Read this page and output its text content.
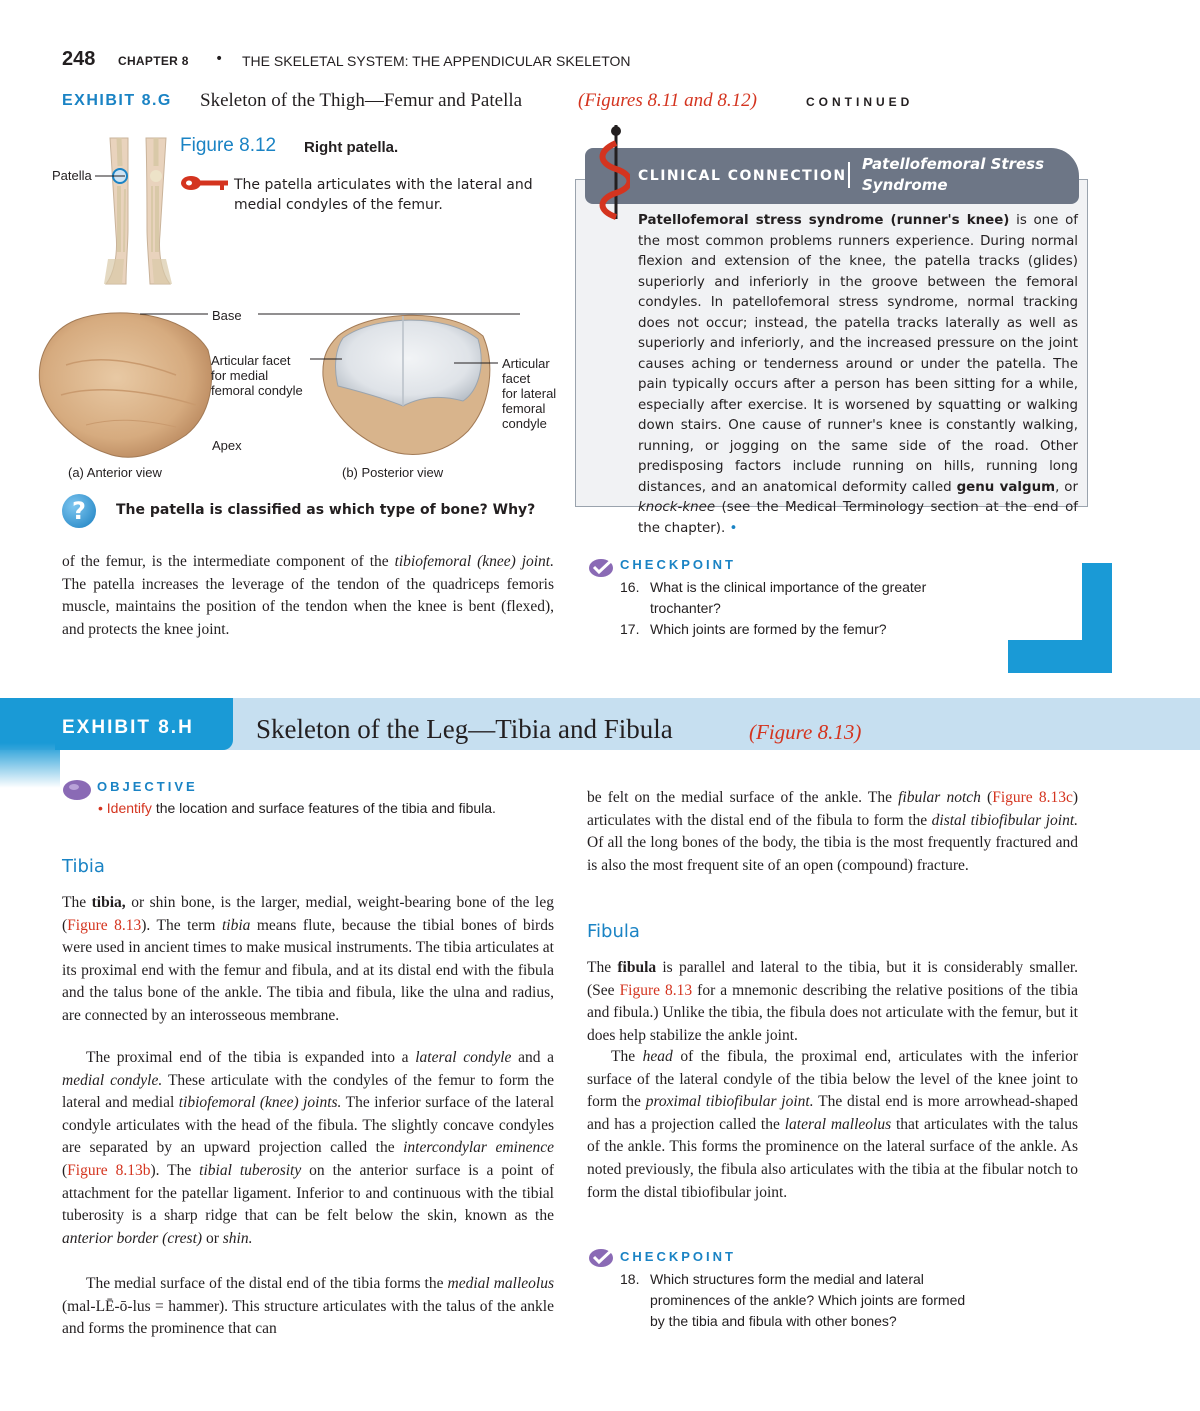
248 CHAPTER 8 • THE SKELETAL SYSTEM: THE APPENDICULAR SKELETON
EXHIBIT 8.G Skeleton of the Thigh—Femur and Patella	(Figures 8.11 and 8.12)	CONTINUED
Figure 8.12 Right patella.
The patella articulates with the lateral and medial condyles of the femur.
Patella
Base
Articular facet
for medial
femoral condyle
Articular
facet
for lateral
femoral
condyle
Apex
(a) Anterior view	(b) Posterior view
?	The patella is classified as which type of bone? Why?
CLINICAL CONNECTION
Patellofemoral Stress
Syndrome
Patellofemoral stress syndrome (runner's knee) is one of the most common problems runners experience. During normal flexion and extension of the knee, the patella tracks (glides) superiorly and inferiorly in the groove between the femoral condyles. In patellofemoral stress syndrome, normal tracking does not occur; instead, the patella tracks laterally as well as superiorly and inferiorly, and the increased pressure on the joint causes aching or tenderness around or under the patella. The pain typically occurs after a person has been sitting for a while, especially after exercise. It is worsened by squatting or walking down stairs. One cause of runner's knee is constantly walking, running, or jogging on the same side of the road. Other predisposing factors include running on hills, running long distances, and an anatomical deformity called genu valgum, or knock-knee (see the Medical Terminology section at the end of the chapter). •
of the femur, is the intermediate component of the tibiofemoral (knee) joint. The patella increases the leverage of the tendon of the quadriceps femoris muscle, maintains the position of the tendon when the knee is bent (flexed), and protects the knee joint.
CHECKPOINT
16. What is the clinical importance of the greater
trochanter?
17. Which joints are formed by the femur?
EXHIBIT 8.H Skeleton of the Leg—Tibia and Fibula	(Figure 8.13)
OBJECTIVE
• Identify the location and surface features of the tibia and fibula.
Tibia
The tibia, or shin bone, is the larger, medial, weight-bearing bone of the leg (Figure 8.13). The term tibia means flute, because the tibial bones of birds were used in ancient times to make musical instruments. The tibia articulates at its proximal end with the femur and fibula, and at its distal end with the fibula and the talus bone of the ankle. The tibia and fibula, like the ulna and radius, are connected by an interosseous membrane.
The proximal end of the tibia is expanded into a lateral condyle and a medial condyle. These articulate with the condyles of the femur to form the lateral and medial tibiofemoral (knee) joints. The inferior surface of the lateral condyle articulates with the head of the fibula. The slightly concave condyles are separated by an upward projection called the intercondylar eminence (Figure 8.13b). The tibial tuberosity on the anterior surface is a point of attachment for the patellar ligament. Inferior to and continuous with the tibial tuberosity is a sharp ridge that can be felt below the skin, known as the anterior border (crest) or shin.
The medial surface of the distal end of the tibia forms the medial malleolus (mal-LĒ-ō-lus = hammer). This structure articulates with the talus of the ankle and forms the prominence that can
be felt on the medial surface of the ankle. The fibular notch (Figure 8.13c) articulates with the distal end of the fibula to form the distal tibiofibular joint. Of all the long bones of the body, the tibia is the most frequently fractured and is also the most frequent site of an open (compound) fracture.
Fibula
The fibula is parallel and lateral to the tibia, but it is considerably smaller. (See Figure 8.13 for a mnemonic describing the relative positions of the tibia and fibula.) Unlike the tibia, the fibula does not articulate with the femur, but it does help stabilize the ankle joint.
The head of the fibula, the proximal end, articulates with the inferior surface of the lateral condyle of the tibia below the level of the knee joint to form the proximal tibiofibular joint. The distal end is more arrowhead-shaped and has a projection called the lateral malleolus that articulates with the talus of the ankle. This forms the prominence on the lateral surface of the ankle. As noted previously, the fibula also articulates with the tibia at the fibular notch to form the distal tibiofibular joint.
CHECKPOINT
18. Which structures form the medial and lateral
prominences of the ankle? Which joints are formed
by the tibia and fibula with other bones?
